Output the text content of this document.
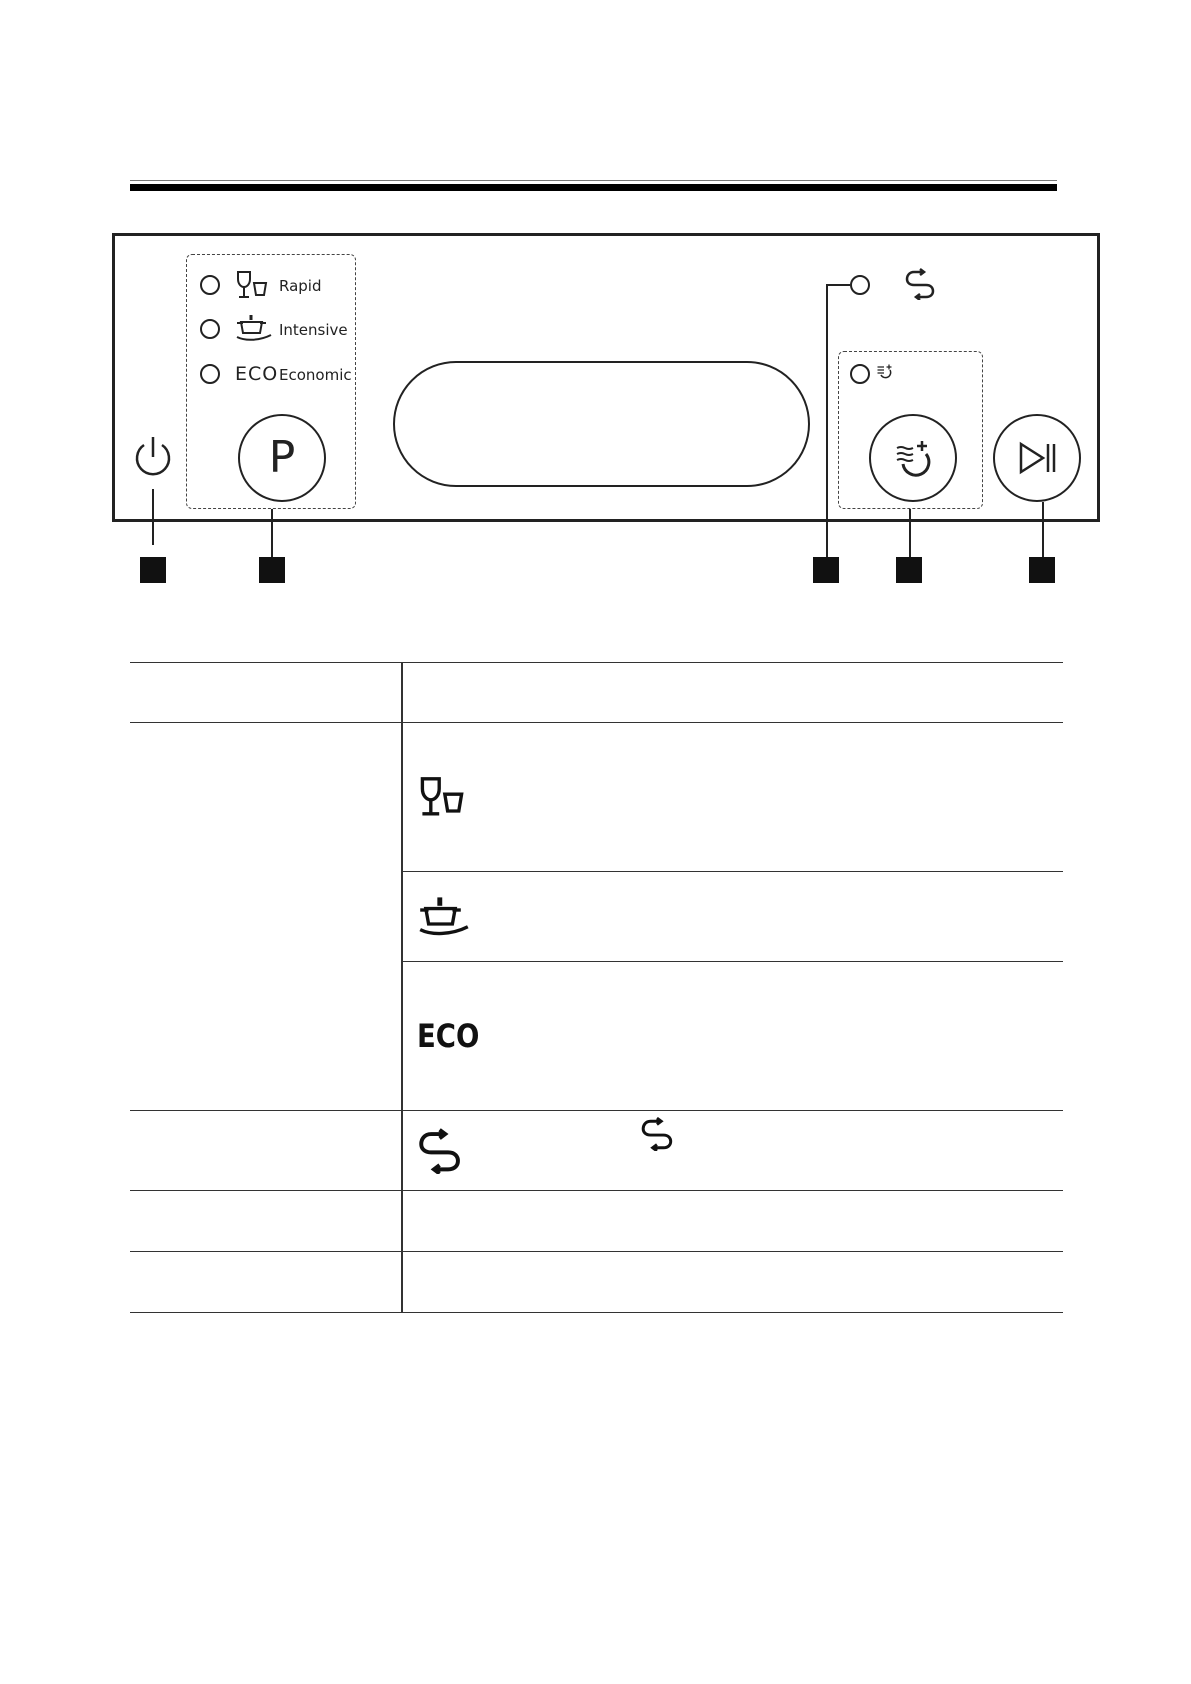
Rapid
Intensive
ECO Economic
P

	ECO
